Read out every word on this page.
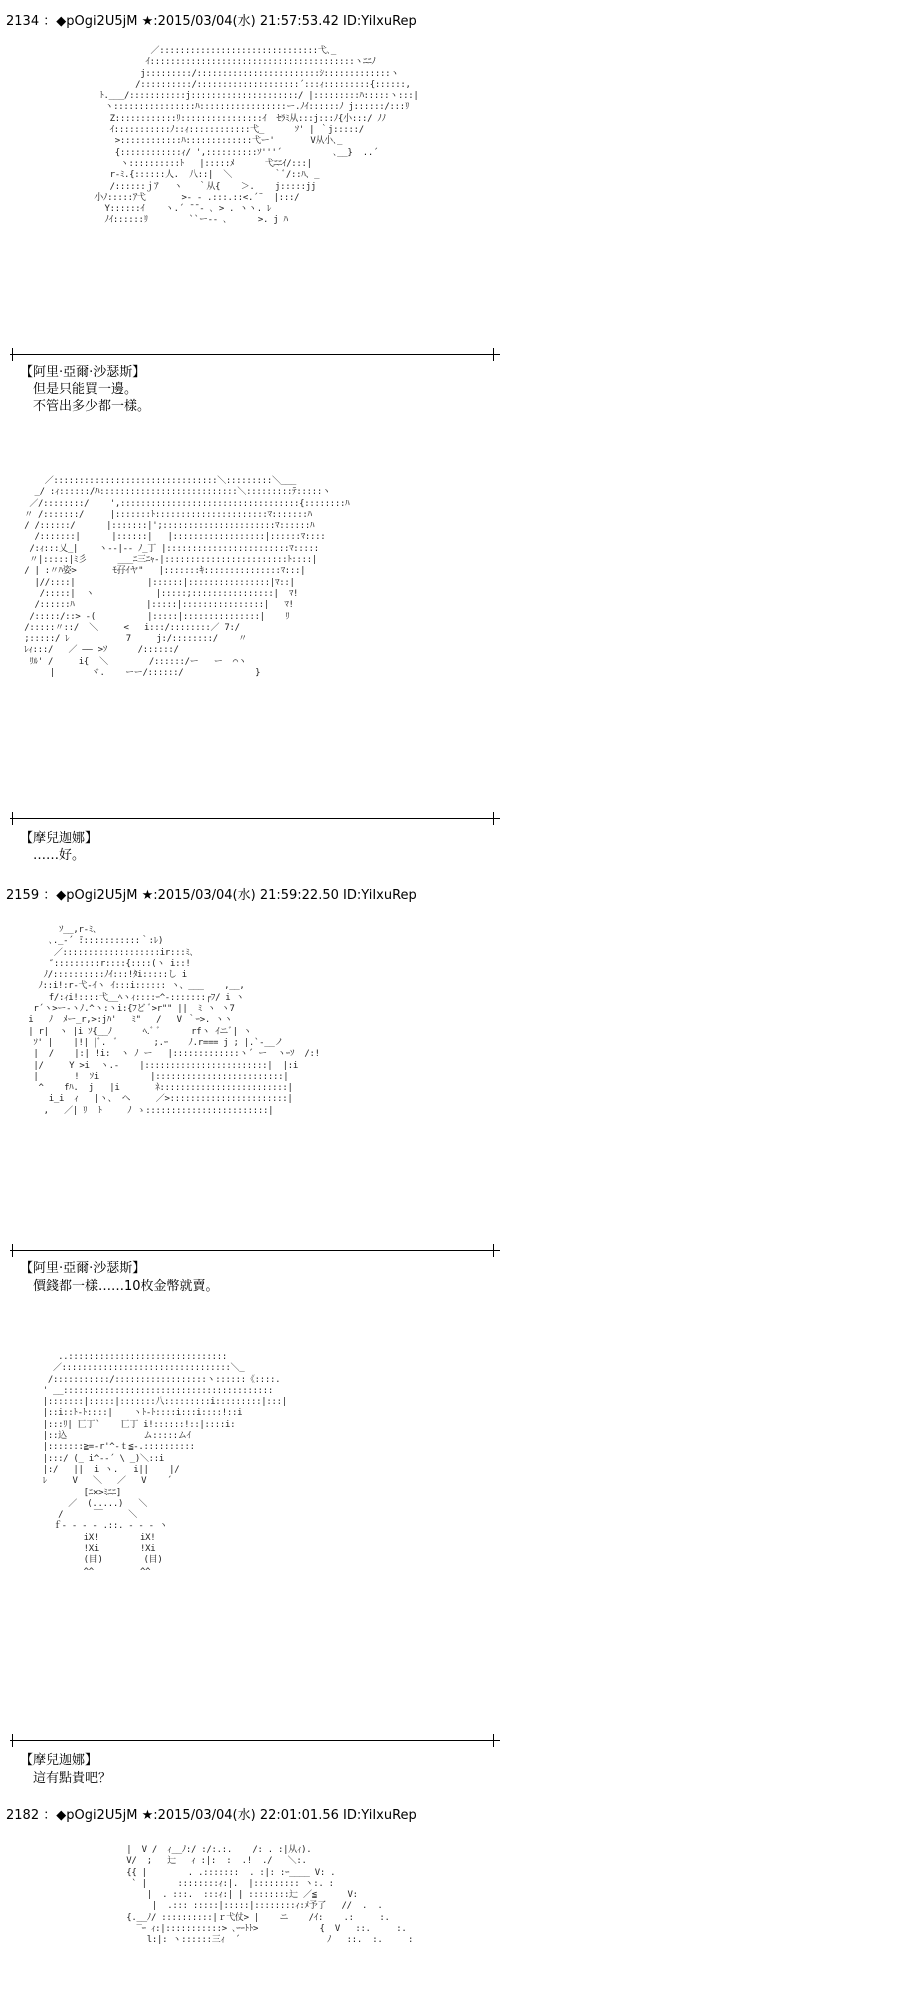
2134 ：◆pOgi2U5jM ★:2015/03/04(水) 21:57:53.42 ID:YiIxuRep
／:::::::::::::::::::::::::::::::弋､_
ｲ::::::::::::::::::::::::::::::::::::::::ヽﾆﾆﾉ
j:::::::::/::::::::::::::::::::::::ｼ:::::::::::::ヽ
/::::::::::/::::::::::::::::::::´:::ｨ:::::::::{::::::,
ﾄ.___/:::::::::::j:::::::::::::::::::::/ |:::::::::ﾊ:::::ヽ:::|
ヽ::::::::::::::::ﾊ:::::::::::::::::ー.ﾉｲ::::::ﾉ j::::::/:::ﾘ
Z::::::::::::ﾘ::::::::::::::::ｲ  ｾﾗﾐ从:::j:::ﾉ{小:::/ ﾉﾉ
ｲ:::::::::::ﾉ::ｨ::::::::::::弋_      ｿ' | ｀j:::::/
>::::::::::::ﾊ:::::::::::::弋ー'       V从小､_
{::::::::::::ｨ/ ',::::::::::ｿ'''´          ､__}  ..´
ヽ::::::::::ﾄ   |:::::ﾒ      弋ﾆﾆｲ/:::|
r-ﾐ.{::::::人.  八::|  ＼        ｀ﾞ/::ﾊ、_
/::::::ｊｱ   ヽ   ｀从{    ＞.    j:::::jj
小ﾉ:::::ｱ弋       >- - .:::.::<.´¨  |:::/
Y::::::ｲ    ヽ.´ ̄ ̄ - ､ > . ヽヽ. ﾚ
ﾉｲ::::::ﾘ        ``ー-- ､      >. j ﾊ
【阿里·亞爾·沙瑟斯】
但是只能買一邊。
不管出多少都一樣。
／::::::::::::::::::::::::::::::::＼:::::::::＼___
_/ :ｨ::::::/ﾊ:::::::::::::::::::::::::::＼:::::::::ﾃ:::::ヽ
／/::::::::/    ',:::::::::::::::::::::::::::::::::::{::::::::ﾊ
〃 /:::::::/     |:::::::ﾄ::::::::::::::::::::::ﾏ:::::::ﾊ
/ /::::::/      |:::::::|';::::::::::::::::::::::ﾏ::::::ﾊ
/:::::::|      |::::::|   |::::::::::::::::::|::::::ﾏ::::
/:ｨ:::乂_|    ヽ--|-- ﾉ_丁 |::::::::::::::::::::::::ﾏ:::::
〃|:::::|ﾐ彡      ___ﾆ三ﾆｬ-|::::::::::::::::::::::::ﾄ::::|
/ | :〃ﾊ姿>       ﾓ孖ｲヤ"   |:::::::ｷ:::::::::::::::ﾏ:::|
|//::::|              |::::::|::::::::::::::::|ﾏ::|
/:::::|  ヽ            |:::::;::::::::::::::::|  ﾏ!
/::::::ﾊ              |:::::|::::::::::::::::|   ﾏ!
/:::::/::> -(          |:::::|:::::::::::::::|    ﾘ
/:::::〃::/  ＼     <   i:::/::::::::／ 7:/
;:::::/ ﾚ           7     j:/::::::::/    〃
ﾚｨ:::/   ／ ―― >ｿ      /::::::/
ﾘﾙ' /     i{  ＼        /::::::/ー   ー  ⌒ヽ
|       ヾ.    ーー/::::::/              }
【摩兒迦娜】
……好。
2159 ：◆pOgi2U5jM ★:2015/03/04(水) 21:59:22.50 ID:YiIxuRep
ｿ__,r-ﾐ､
､._-´ ̄::::::::::::｀:ﾚ)
／:::::::::::::::::::ir:::ﾐ､
″:::::::::r::::{::::(ヽ i::!
ﾉ/::::::::::ﾉｲ:::!ﾀi:::::し i
ﾉ::i!:r-弋-ｲヽ ｲ:::i:::::: ヽ、___    ,__,
f/:ｨi!::::弋__ﾍヽｨ::::ｰ^-:::::::┌ﾌ/ i ヽ
r´ヽ>ー-ヽﾉ.^ヽ:ヽi:{ﾌど ﾞ>r"" ||  ﾐ ヽ ヽ7
i   ﾉ  ﾒー_r,>:jﾊ'   ﾐ"   /   V ｀ｰ>. ヽヽ
| r|  ヽ |i ｿ{__ﾉ      ﾍ.ﾞ ﾞ      rfヽ ｲニﾞ| ヽ
ｿ' |    |!| |ﾞ.  ﾞ       ;.ｰ    ﾉ.r=== j ; |.`-__ノ
|  /    |:| !i:  ヽ ﾉ ー   |:::::::::::::ヽ´ ー  ヽｰｿ  /:!
|/     Y >i  ヽ.-    |::::::::::::::::::::::::|  |:i
|       !  ｿi          |:::::::::::::::::::::::::|
^    fﾊ.  j   |i       ﾈ:::::::::::::::::::::::::|
i_i  ｨ   |ヽ、 ヘ     ／>:::::::::::::::::::::::|
,   ／| ﾘ  ﾄ     ﾉ ゝ::::::::::::::::::::::::|
【阿里·亞爾·沙瑟斯】
價錢都一樣……10枚金幣就賣。
..:::::::::::::::::::::::::::::::
／:::::::::::::::::::::::::::::::::＼_
/:::::::::::/::::::::::::::::::ヽ::::::《::::.
' __:::::::::::::::::::::::::::::::::::::::::
|:::::::|:::::|:::::::八:::::::::i:::::::::|:::|
|::i::ﾄ-ﾄ::::|    ヽﾄ-ﾄ::::i:::i::::!::i
|:::ﾘ| 匸丁`    匸丁 i!::::::!::|::::i:
|::込               ム:::::ムｲ
|:::::::≧=-r'^-ｔ≦-.::::::::::
|:::/ (_ i^--´ \ _)＼::i
|:/   ||  i ヽ.   i||    |/
ﾚ     V   ＼   ／   V    ´
[ﾆ×>ﾐﾆﾆ]
／  (.....)   ＼
/      ￣     ＼
ｆ- - - - .::. - - - ヽ
iX!        iX!
!Xi        !Xi
(目)        (目)
^^         ^^
【摩兒迦娜】
這有點貴吧？
2182 ：◆pOgi2U5jM ★:2015/03/04(水) 22:01:01.56 ID:YiIxuRep
|  V /  ｨ__ﾉ:/ :/:.:.    /: . :|从ｨ).
V/  ;   辷   ｨ :|:  :  .!  ./   ＼:.
{{ |        . .:::::::  . :|: :ｰ____ V: .
` |      ::::::::ｨ:|.  |::::::::: ヽ:. :
|  . :::.  :::ｨ:| | ::::::::辷 ／≦      V:
|  .::: :::::|:::::|::::::::ｨ:ﾒ予了   //  .  .
{.__ﾉ/ ::::::::::|ｒ弋仗> |    ニ    /ｲ:    .:     :.
‾ｰ ｨ:|:::::::::::> ､ｰｰﾄﾄ>            {  V   ::.     :.
l:|: ヽ::::::三ｨ  ´                 ﾉ   ::.  :.     :
